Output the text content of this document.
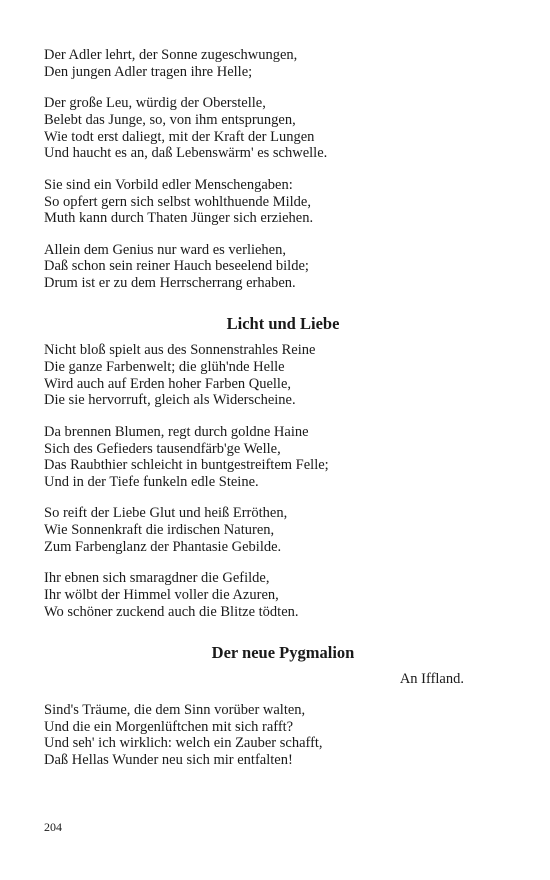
Der Adler lehrt, der Sonne zugeschwungen,
Den jungen Adler tragen ihre Helle;
Der große Leu, würdig der Oberstelle,
Belebt das Junge, so, von ihm entsprungen,
Wie todt erst daliegt, mit der Kraft der Lungen
Und haucht es an, daß Lebenswärm' es schwelle.
Sie sind ein Vorbild edler Menschengaben:
So opfert gern sich selbst wohlthuende Milde,
Muth kann durch Thaten Jünger sich erziehen.
Allein dem Genius nur ward es verliehen,
Daß schon sein reiner Hauch beseelend bilde;
Drum ist er zu dem Herrscherrang erhaben.
Licht und Liebe
Nicht bloß spielt aus des Sonnenstrahles Reine
Die ganze Farbenwelt; die glüh'nde Helle
Wird auch auf Erden hoher Farben Quelle,
Die sie hervorruft, gleich als Widerscheine.
Da brennen Blumen, regt durch goldne Haine
Sich des Gefieders tausendfärb'ge Welle,
Das Raubthier schleicht in buntgestreiftem Felle;
Und in der Tiefe funkeln edle Steine.
So reift der Liebe Glut und heiß Erröthen,
Wie Sonnenkraft die irdischen Naturen,
Zum Farbenglanz der Phantasie Gebilde.
Ihr ebnen sich smaragdner die Gefilde,
Ihr wölbt der Himmel voller die Azuren,
Wo schöner zuckend auch die Blitze tödten.
Der neue Pygmalion
An Iffland.
Sind's Träume, die dem Sinn vorüber walten,
Und die ein Morgenlüftchen mit sich rafft?
Und seh' ich wirklich: welch ein Zauber schafft,
Daß Hellas Wunder neu sich mir entfalten!
204
